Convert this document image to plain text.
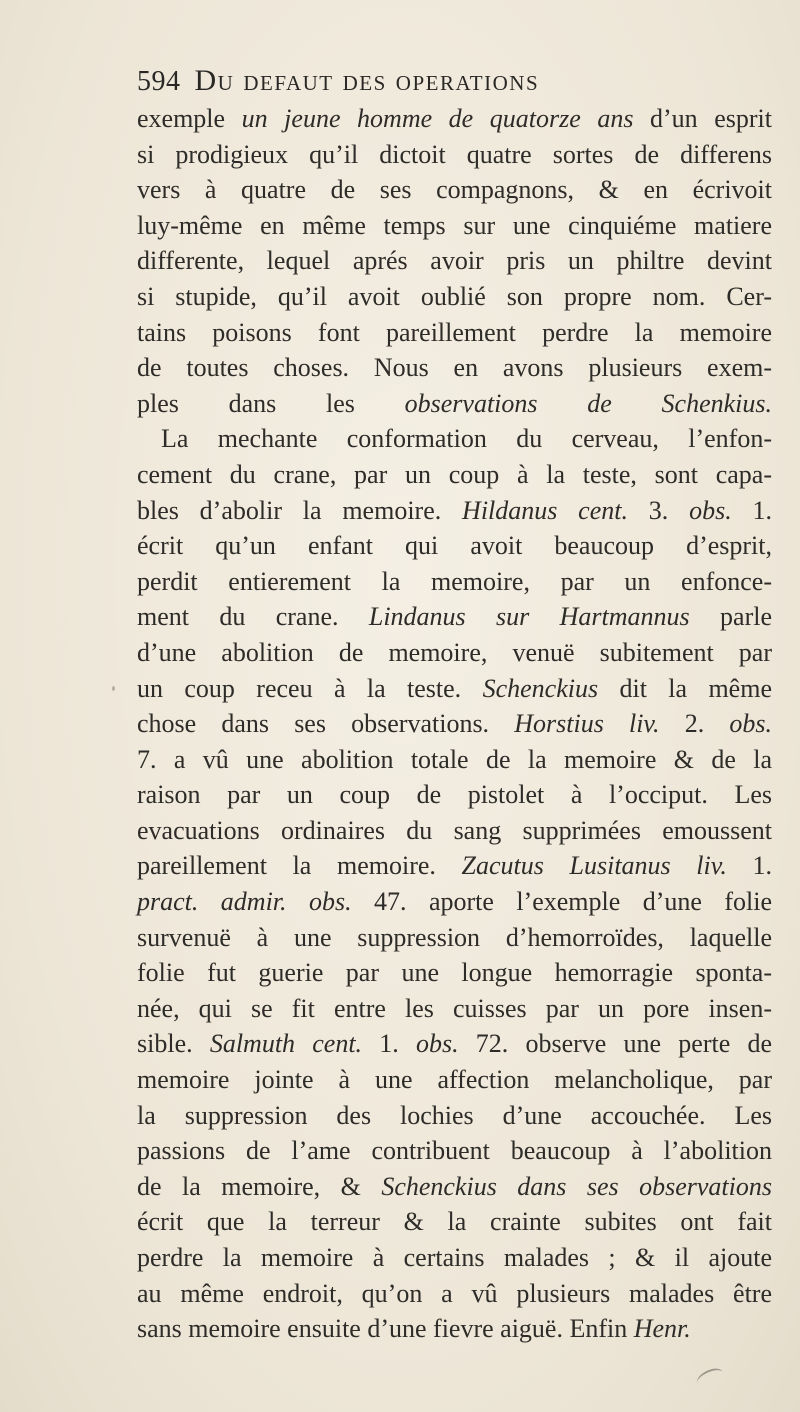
594 Du defaut des operations
exemple un jeune homme de quatorze ans d’un esprit
si prodigieux qu’il dictoit quatre sortes de differens
vers à quatre de ses compagnons, & en écrivoit
luy-même en même temps sur une cinquiéme matiere
differente, lequel aprés avoir pris un philtre devint
si stupide, qu’il avoit oublié son propre nom. Cer-
tains poisons font pareillement perdre la memoire
de toutes choses. Nous en avons plusieurs exem-
ples dans les observations de Schenkius.
La mechante conformation du cerveau, l’enfon-
cement du crane, par un coup à la teste, sont capa-
bles d’abolir la memoire. Hildanus cent. 3. obs. 1.
écrit qu’un enfant qui avoit beaucoup d’esprit,
perdit entierement la memoire, par un enfonce-
ment du crane. Lindanus sur Hartmannus parle
d’une abolition de memoire, venuë subitement par
un coup receu à la teste. Schenckius dit la même
chose dans ses observations. Horstius liv. 2. obs.
7. a vû une abolition totale de la memoire & de la
raison par un coup de pistolet à l’occiput. Les
evacuations ordinaires du sang supprimées emoussent
pareillement la memoire. Zacutus Lusitanus liv. 1.
pract. admir. obs. 47. aporte l’exemple d’une folie
survenuë à une suppression d’hemorroïdes, laquelle
folie fut guerie par une longue hemorragie sponta-
née, qui se fit entre les cuisses par un pore insen-
sible. Salmuth cent. 1. obs. 72. observe une perte de
memoire jointe à une affection melancholique, par
la suppression des lochies d’une accouchée. Les
passions de l’ame contribuent beaucoup à l’abolition
de la memoire, & Schenckius dans ses observations
écrit que la terreur & la crainte subites ont fait
perdre la memoire à certains malades ; & il ajoute
au même endroit, qu’on a vû plusieurs malades être
sans memoire ensuite d’une fievre aiguë. Enfin Henr.
